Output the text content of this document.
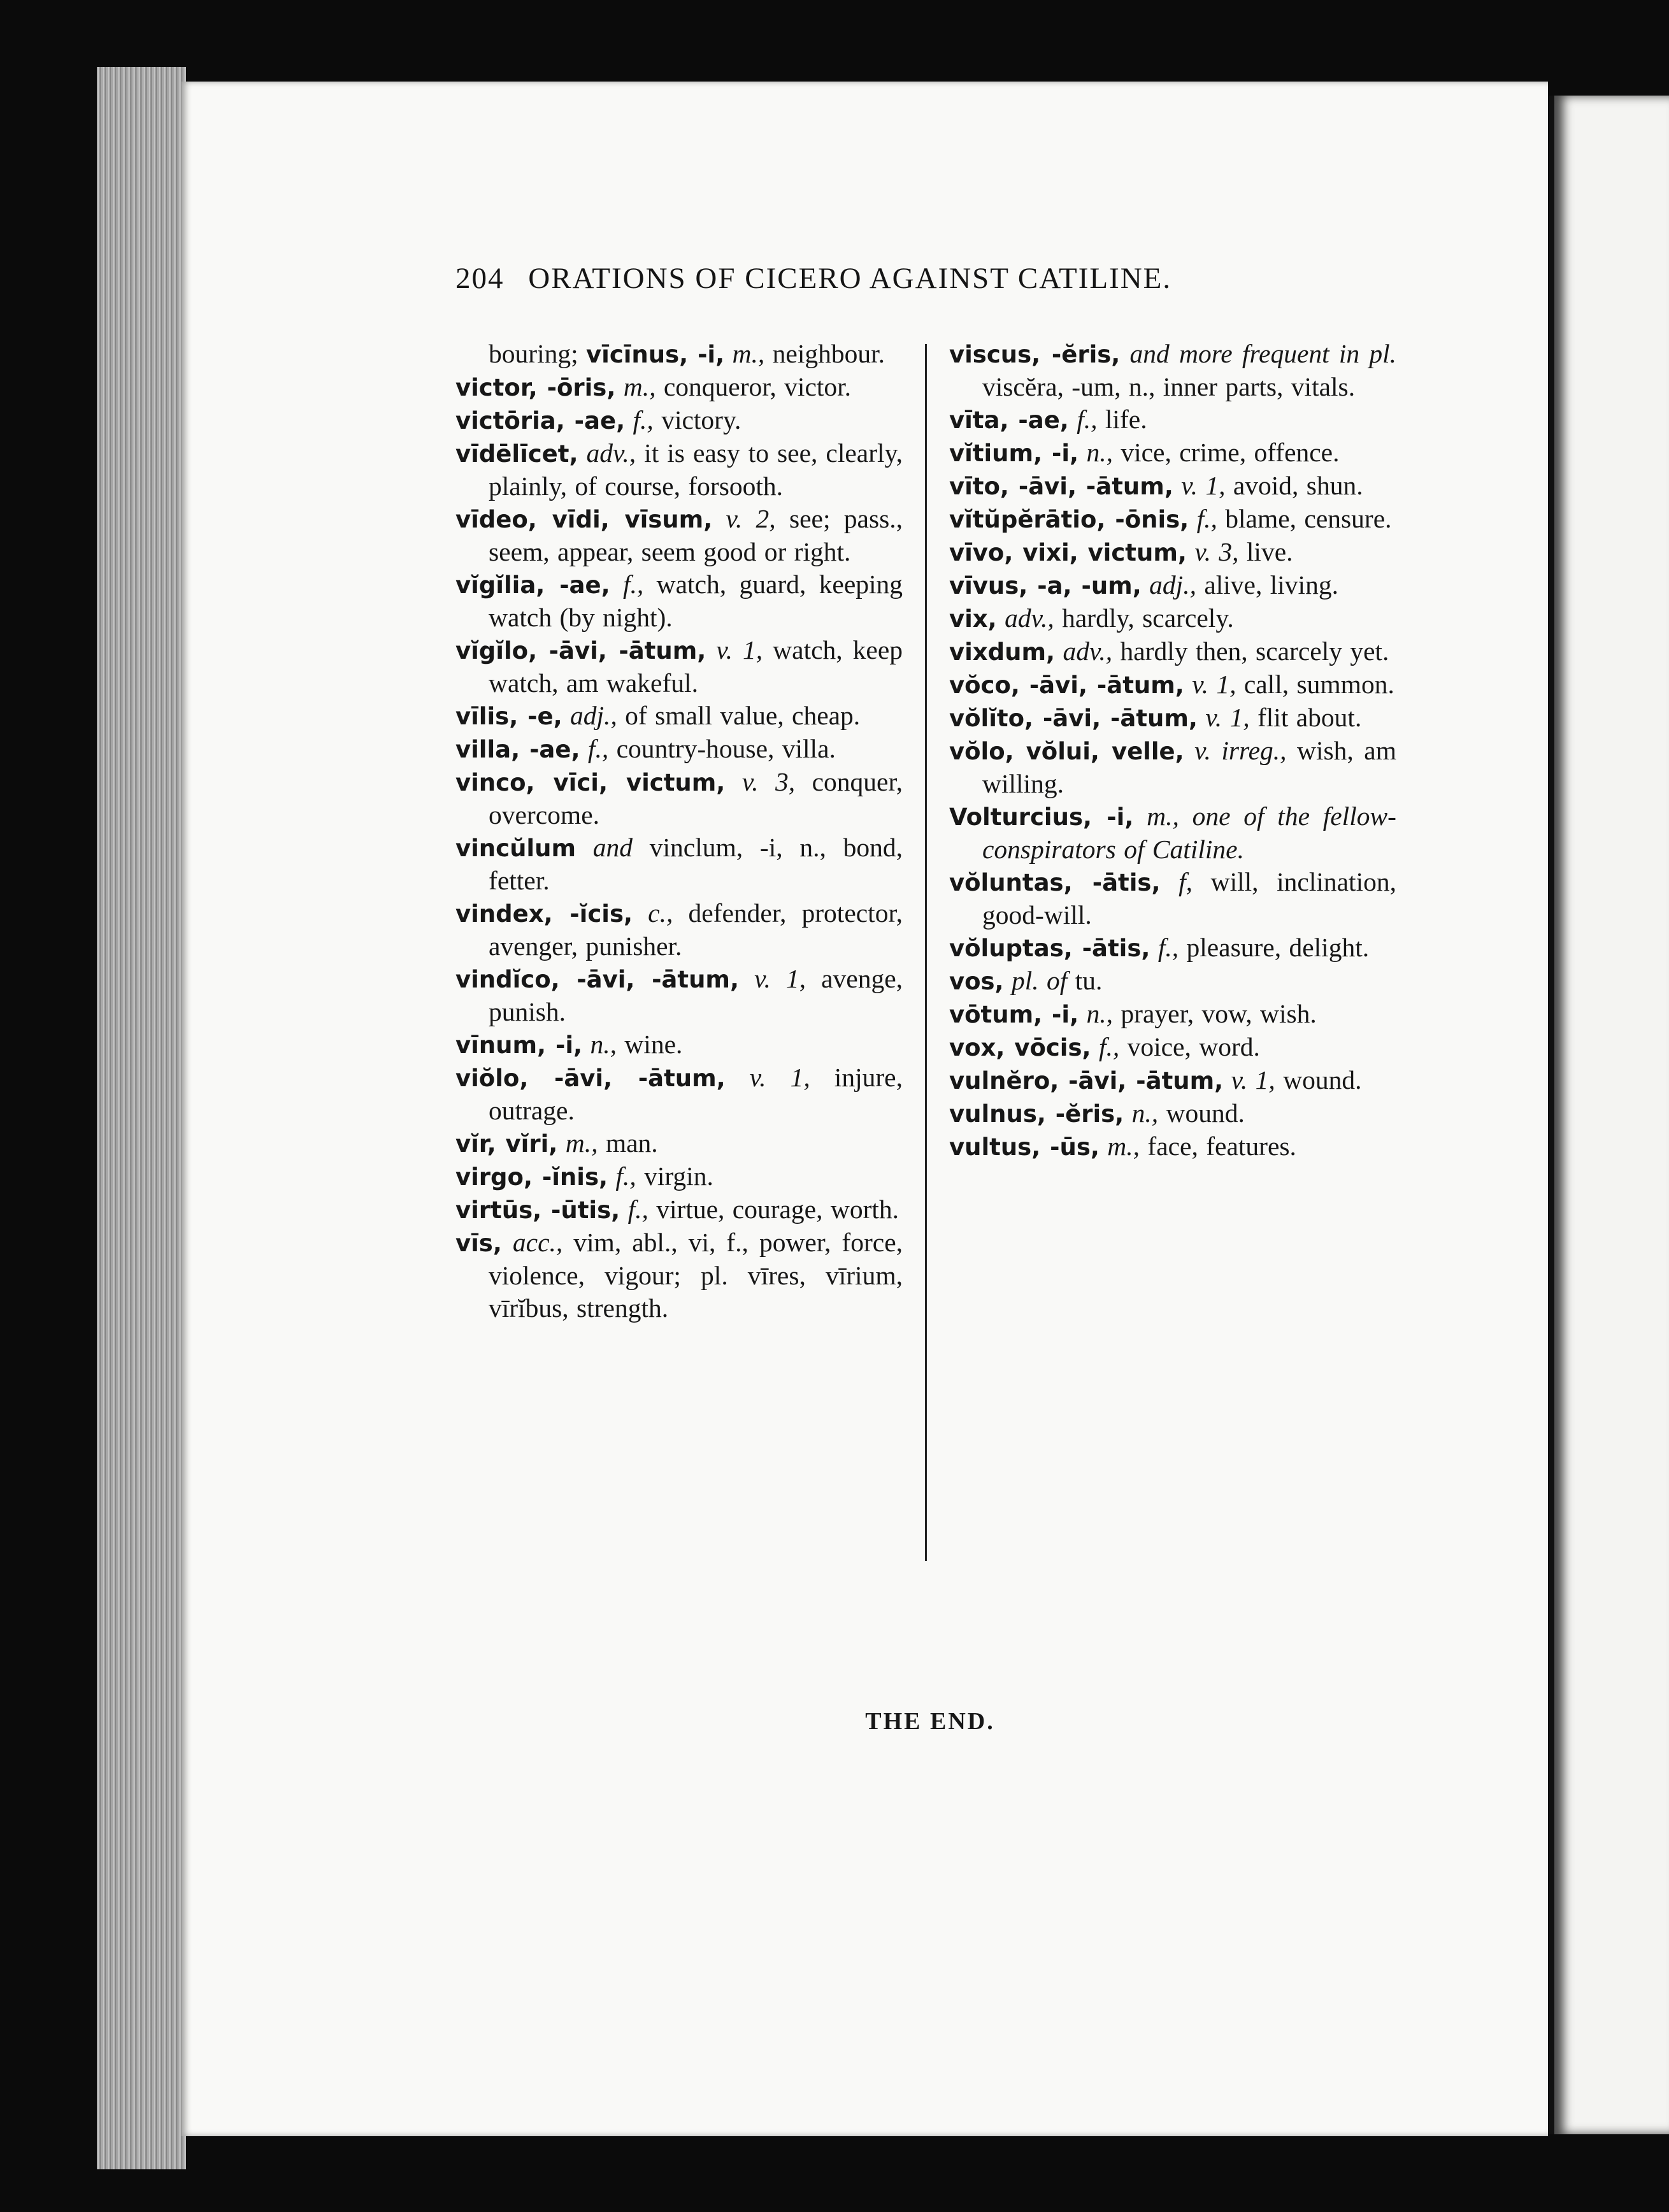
204 ORATIONS OF CICERO AGAINST CATILINE.

bouring; vīcīnus, -i, m., neighbour.

victor, -ōris, m., conqueror, victor.

victōria, -ae, f., victory.

vīdēlīcet, adv., it is easy to see, clearly, plainly, of course, forsooth.

vīdeo, vīdi, vīsum, v. 2, see; pass., seem, appear, seem good or right.

vĭgĭlia, -ae, f., watch, guard, keeping watch (by night).

vĭgĭlo, -āvi, -ātum, v. 1, watch, keep watch, am wakeful.

vīlis, -e, adj., of small value, cheap.

villa, -ae, f., country-house, villa.

vinco, vīci, victum, v. 3, conquer, overcome.

vincŭlum and vinclum, -i, n., bond, fetter.

vindex, -ĭcis, c., defender, protector, avenger, punisher.

vindĭco, -āvi, -ātum, v. 1, avenge, punish.

vīnum, -i, n., wine.

viŏlo, -āvi, -ātum, v. 1, injure, outrage.

vĭr, vĭri, m., man.

virgo, -ĭnis, f., virgin.

virtūs, -ūtis, f., virtue, courage, worth.

vīs, acc., vim, abl., vi, f., power, force, violence, vigour; pl. vīres, vīrium, vīrĭbus, strength.

viscus, -ĕris, and more frequent in pl. viscĕra, -um, n., inner parts, vitals.

vīta, -ae, f., life.

vĭtium, -i, n., vice, crime, offence.

vīto, -āvi, -ātum, v. 1, avoid, shun.

vĭtŭpĕrātio, -ōnis, f., blame, censure.

vīvo, vixi, victum, v. 3, live.

vīvus, -a, -um, adj., alive, living.

vix, adv., hardly, scarcely.

vixdum, adv., hardly then, scarcely yet.

vŏco, -āvi, -ātum, v. 1, call, summon.

vŏlĭto, -āvi, -ātum, v. 1, flit about.

vŏlo, vŏlui, velle, v. irreg., wish, am willing.

Volturcius, -i, m., one of the fellow-conspirators of Catiline.

vŏluntas, -ātis, f, will, inclination, good-will.

vŏluptas, -ātis, f., pleasure, delight.

vos, pl. of tu.

vōtum, -i, n., prayer, vow, wish.

vox, vōcis, f., voice, word.

vulnĕro, -āvi, -ātum, v. 1, wound.

vulnus, -ĕris, n., wound.

vultus, -ūs, m., face, features.

THE END.
